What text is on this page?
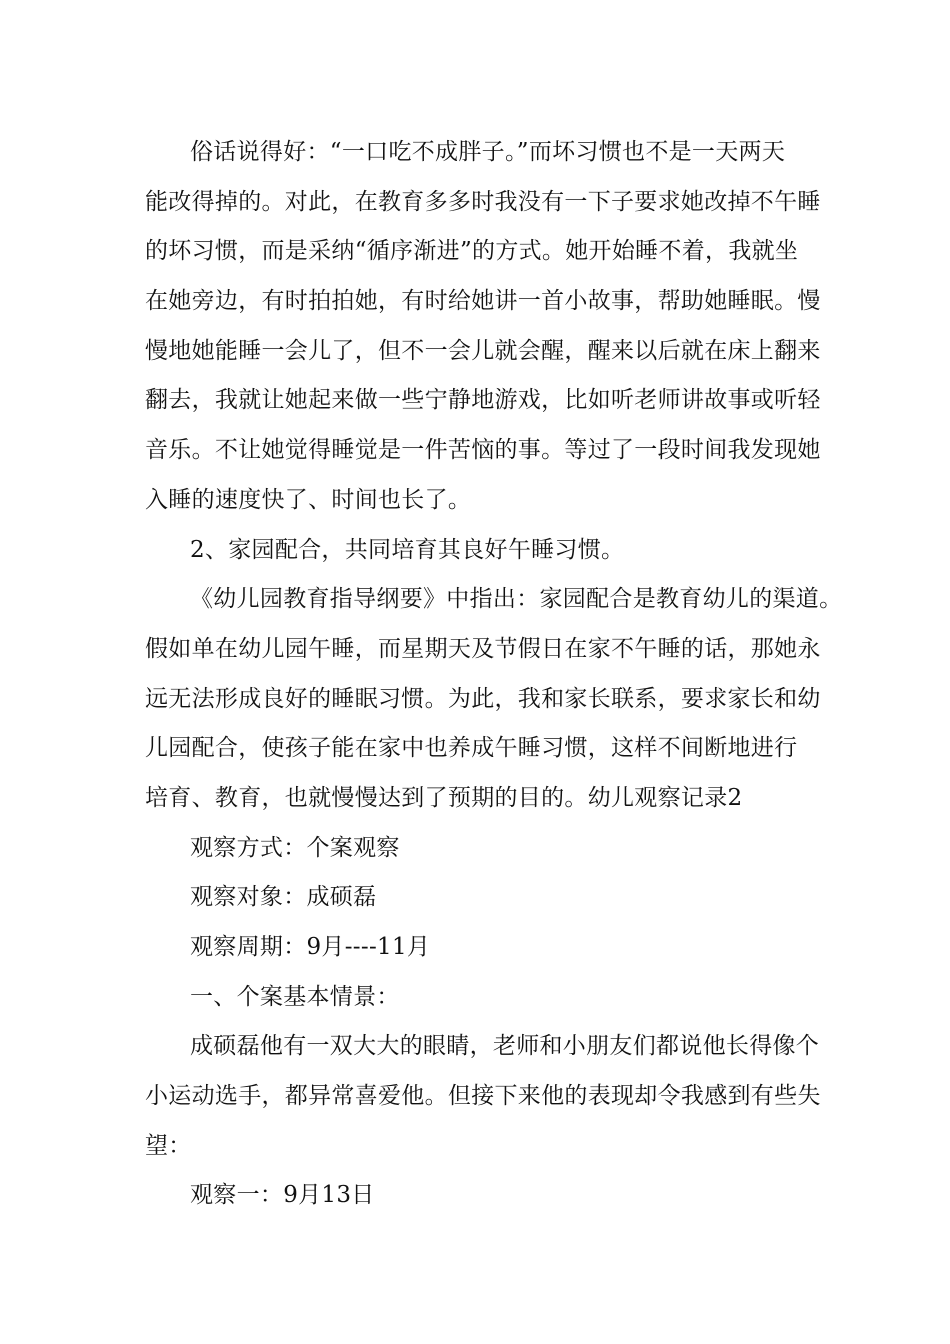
俗话说得好：“一口吃不成胖子。”而坏习惯也不是一天两天
能改得掉的。对此，在教育多多时我没有一下子要求她改掉不午睡
的坏习惯，而是采纳“循序渐进”的方式。她开始睡不着，我就坐
在她旁边，有时拍拍她，有时给她讲一首小故事，帮助她睡眠。慢
慢地她能睡一会儿了，但不一会儿就会醒，醒来以后就在床上翻来
翻去，我就让她起来做一些宁静地游戏，比如听老师讲故事或听轻
音乐。不让她觉得睡觉是一件苦恼的事。等过了一段时间我发现她
入睡的速度快了、时间也长了。
2、家园配合，共同培育其良好午睡习惯。
《幼儿园教育指导纲要》中指出：家园配合是教育幼儿的渠道。
假如单在幼儿园午睡，而星期天及节假日在家不午睡的话，那她永
远无法形成良好的睡眠习惯。为此，我和家长联系，要求家长和幼
儿园配合，使孩子能在家中也养成午睡习惯，这样不间断地进行
培育、教育，也就慢慢达到了预期的目的。幼儿观察记录2
观察方式：个案观察
观察对象：成硕磊
观察周期：9月----11月
一、个案基本情景：
成硕磊他有一双大大的眼睛，老师和小朋友们都说他长得像个
小运动选手，都异常喜爱他。但接下来他的表现却令我感到有些失
望：
观察一：9月13日
